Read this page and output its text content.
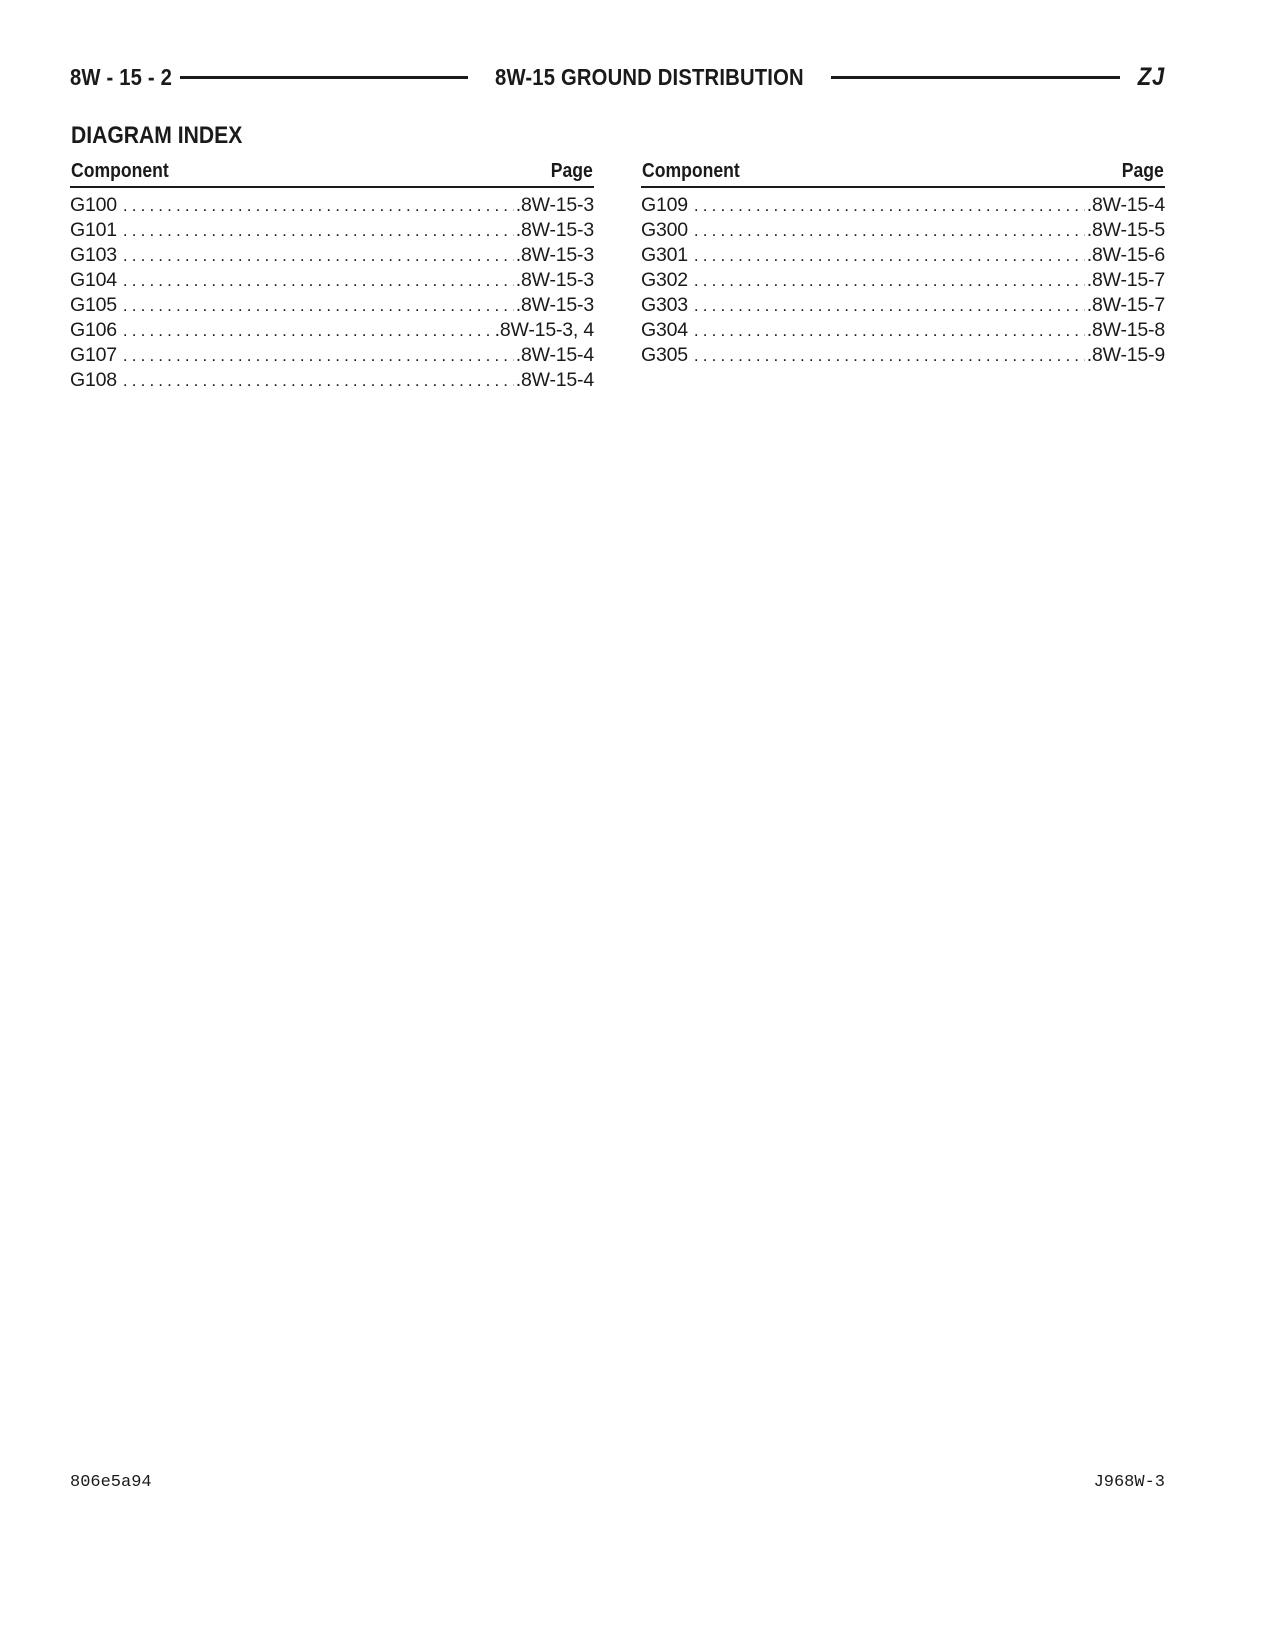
8W - 15 - 2	8W-15 GROUND DISTRIBUTION	ZJ
DIAGRAM INDEX
Component	Page
G100 . . .	.8W-15-3
G101 . . .	.8W-15-3
G103 . . .	.8W-15-3
G104 . . .	.8W-15-3
G105 . . .	.8W-15-3
G106 . . .	.8W-15-3, 4
G107 . . .	.8W-15-4
G108 . . .	.8W-15-4
Component	Page
G109 . . .	.8W-15-4
G300 . . .	.8W-15-5
G301 . . .	.8W-15-6
G302 . . .	.8W-15-7
G303 . . .	.8W-15-7
G304 . . .	.8W-15-8
G305 . . .	.8W-15-9
806e5a94	J968W-3
